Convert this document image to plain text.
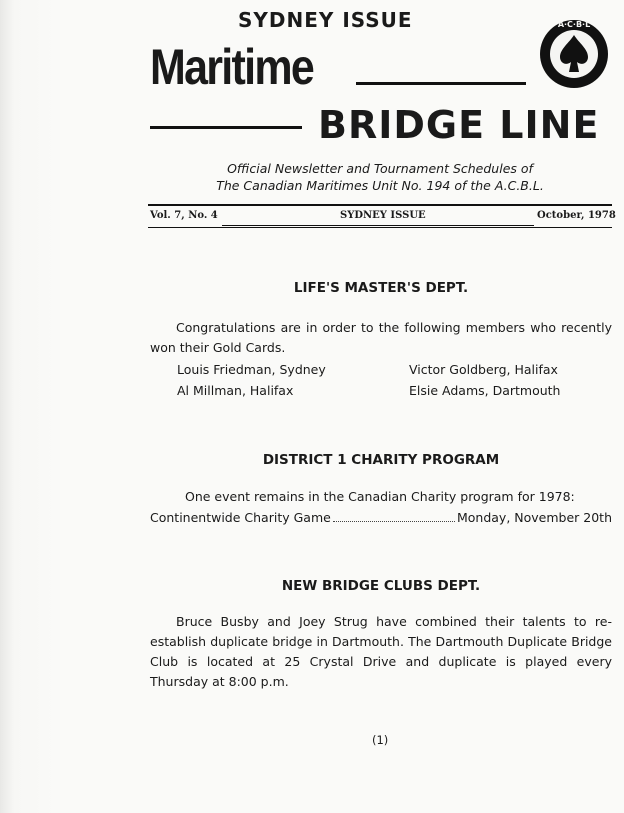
SYDNEY ISSUE
Maritime
BRIDGE LINE
A·C·B·L
Official Newsletter and Tournament Schedules of
The Canadian Maritimes Unit No. 194 of the A.C.B.L.
Vol. 7, No. 4	SYDNEY ISSUE	October, 1978
LIFE'S MASTER'S DEPT.
Congratulations are in order to the following members who recently won their Gold Cards.
Louis Friedman, Sydney	Victor Goldberg, Halifax
Al Millman, Halifax	Elsie Adams, Dartmouth
DISTRICT 1 CHARITY PROGRAM
One event remains in the Canadian Charity program for 1978:
Continentwide Charity Game	Monday, November 20th
NEW BRIDGE CLUBS DEPT.
Bruce Busby and Joey Strug have combined their talents to re-establish duplicate bridge in Dartmouth. The Dartmouth Duplicate Bridge Club is located at 25 Crystal Drive and duplicate is played every Thursday at 8:00 p.m.
(1)
